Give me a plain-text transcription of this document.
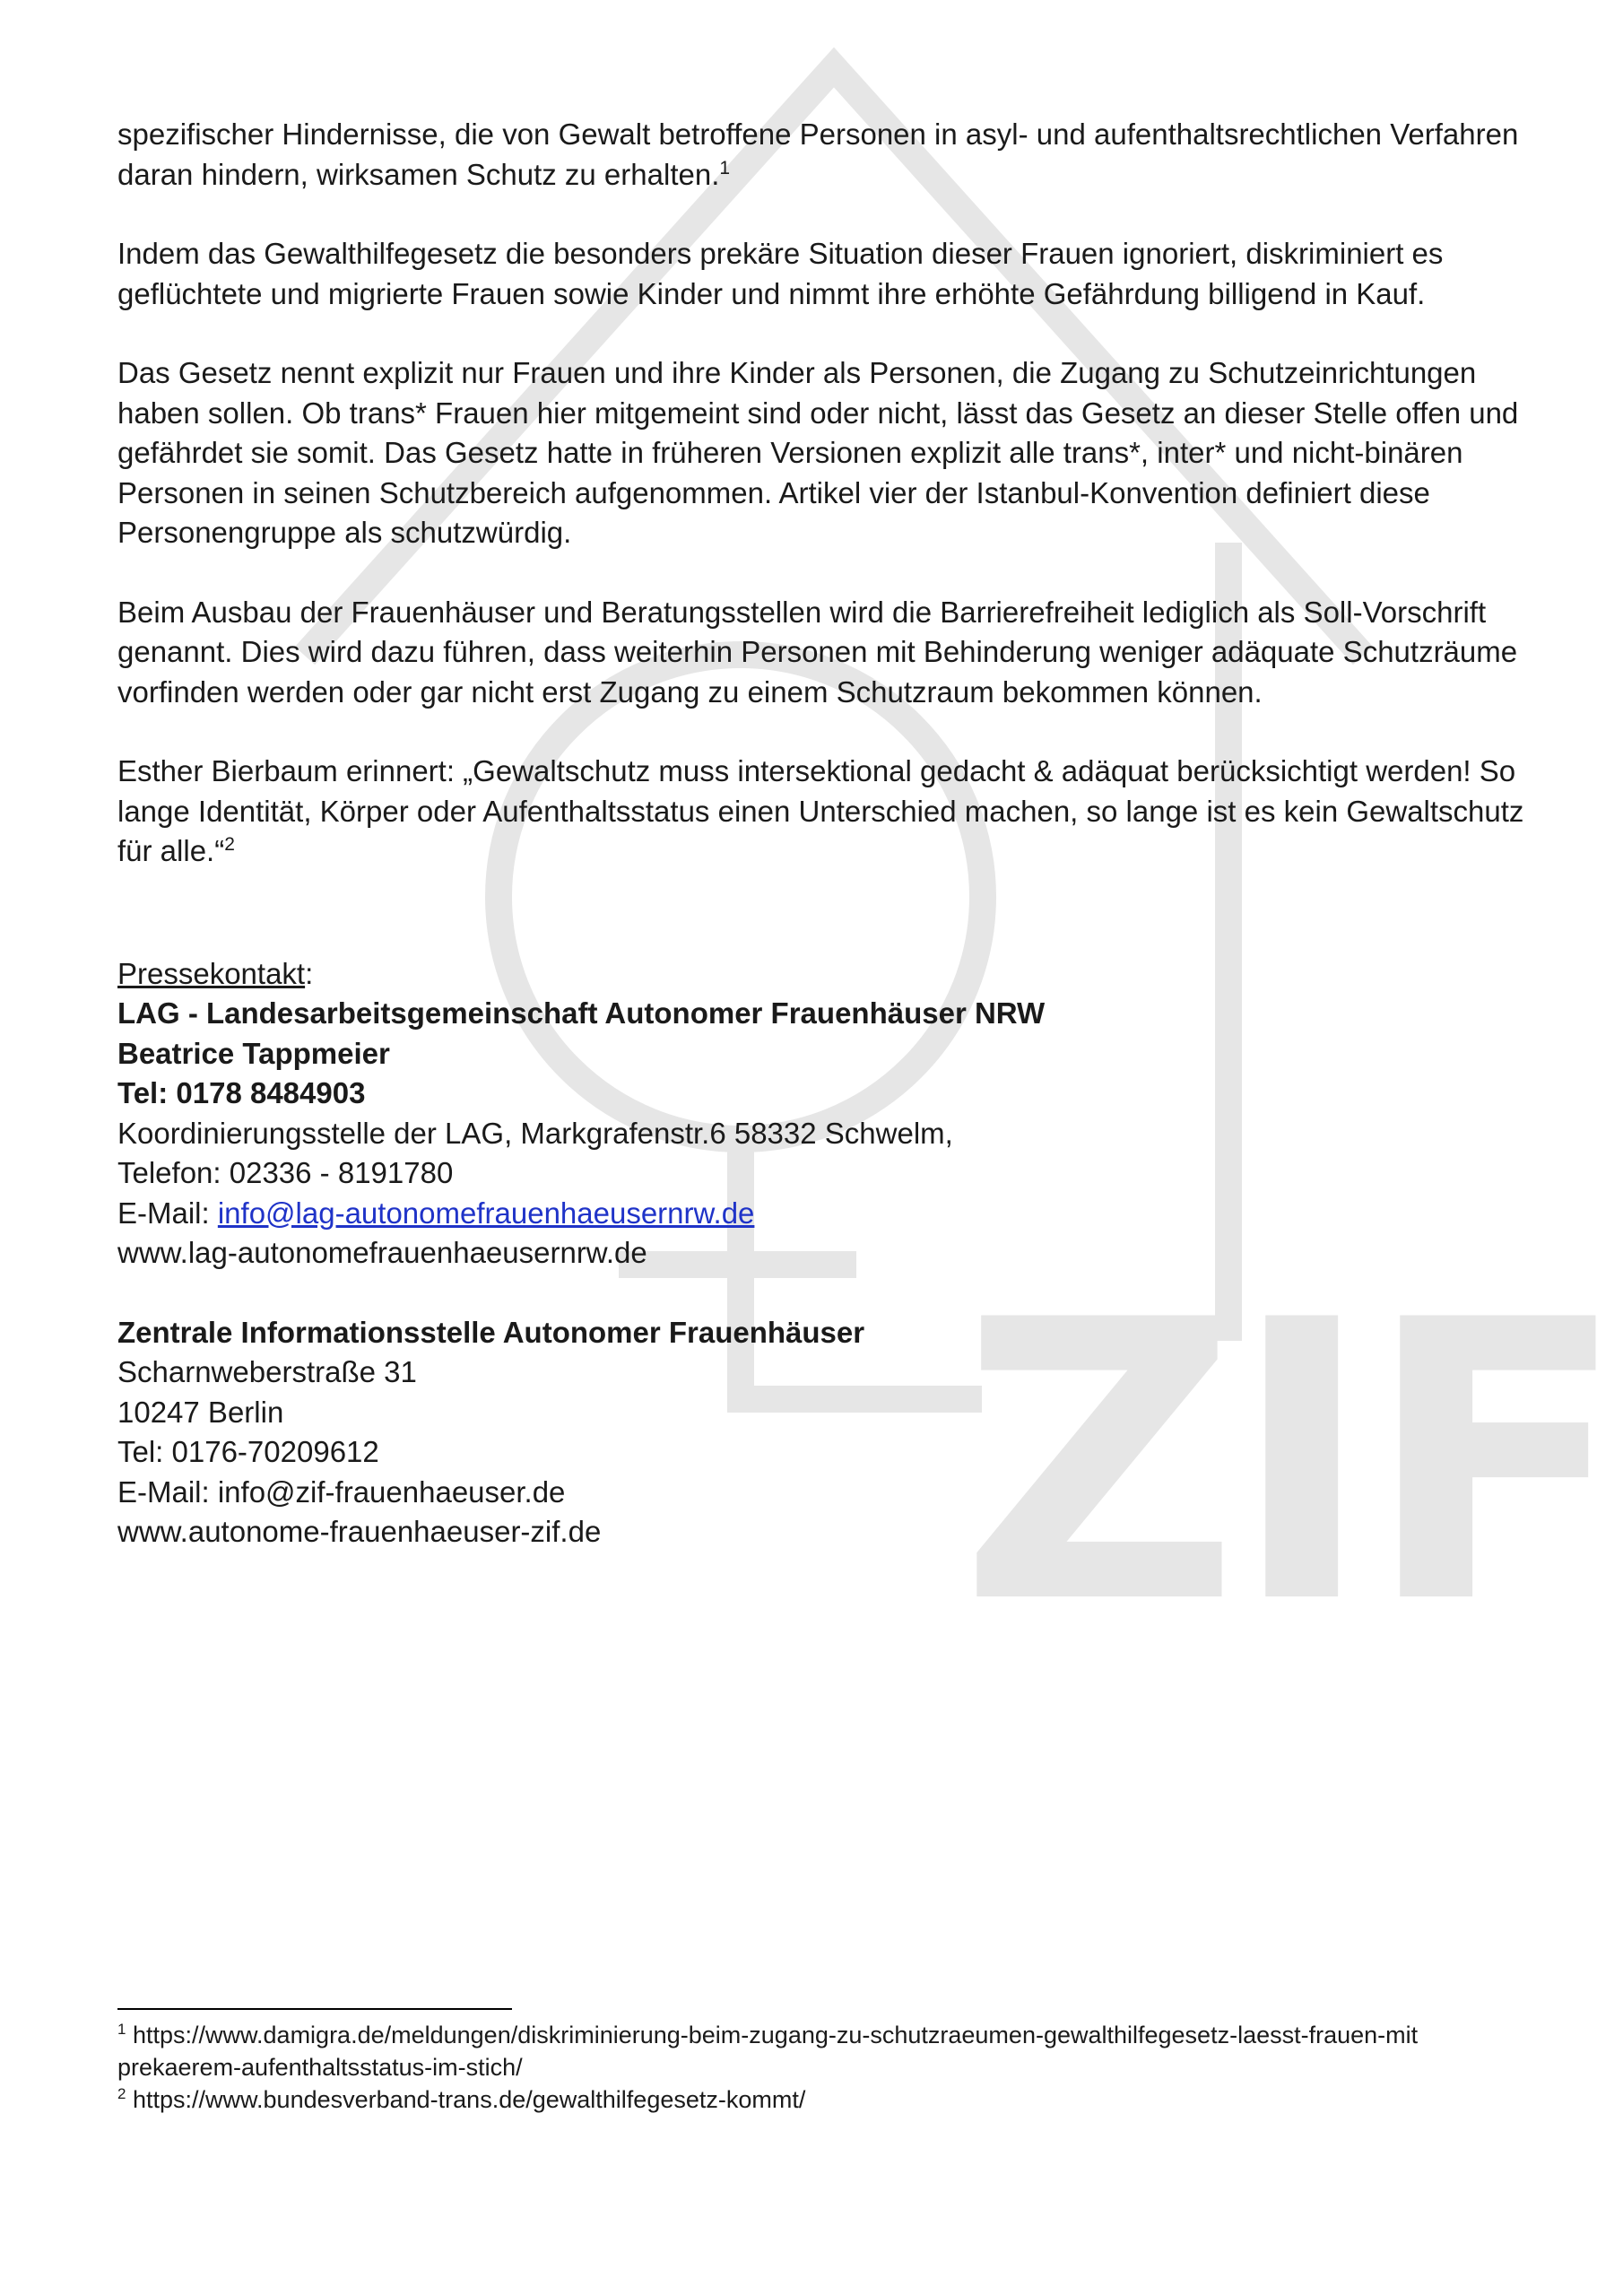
ZIF

spezifischer Hindernisse, die von Gewalt betroffene Personen in asyl- und aufenthaltsrechtlichen Verfahren daran hindern, wirksamen Schutz zu erhalten.$^1$

Indem das Gewalthilfegesetz die besonders prekäre Situation dieser Frauen ignoriert, diskriminiert es geflüchtete und migrierte Frauen sowie Kinder und nimmt ihre erhöhte Gefährdung billigend in Kauf.

Das Gesetz nennt explizit nur Frauen und ihre Kinder als Personen, die Zugang zu Schutzeinrichtungen haben sollen. Ob trans* Frauen hier mitgemeint sind oder nicht, lässt das Gesetz an dieser Stelle offen und gefährdet sie somit. Das Gesetz hatte in früheren Versionen explizit alle trans*, inter* und nicht-binären Personen in seinen Schutzbereich aufgenommen. Artikel vier der Istanbul-Konvention definiert diese Personengruppe als schutzwürdig.

Beim Ausbau der Frauenhäuser und Beratungsstellen wird die Barrierefreiheit lediglich als Soll-Vorschrift genannt. Dies wird dazu führen, dass weiterhin Personen mit Behinderung weniger adäquate Schutzräume vorfinden werden oder gar nicht erst Zugang zu einem Schutzraum bekommen können.

Esther Bierbaum erinnert: „Gewaltschutz muss intersektional gedacht & adäquat berücksichtigt werden! So lange Identität, Körper oder Aufenthaltsstatus einen Unterschied machen, so lange ist es kein Gewaltschutz für alle.“$^2$

Pressekontakt:
LAG - Landesarbeitsgemeinschaft Autonomer Frauenhäuser NRW
Beatrice Tappmeier
Tel: 0178 8484903
Koordinierungsstelle der LAG, Markgrafenstr.6 58332 Schwelm,
Telefon: 02336 - 8191780
E-Mail: info@lag-autonomefrauenhaeusernrw.de
www.lag-autonomefrauenhaeusernrw.de
Zentrale Informationsstelle Autonomer Frauenhäuser
Scharnweberstraße 31
10247 Berlin
Tel: 0176-70209612
E-Mail: info@zif-frauenhaeuser.de
www.autonome-frauenhaeuser-zif.de
$^1$ https://www.damigra.de/meldungen/diskriminierung-beim-zugang-zu-schutzraeumen-gewalthilfegesetz-laesst-frauen-mit prekaerem-aufenthaltsstatus-im-stich/
$^2$ https://www.bundesverband-trans.de/gewalthilfegesetz-kommt/
